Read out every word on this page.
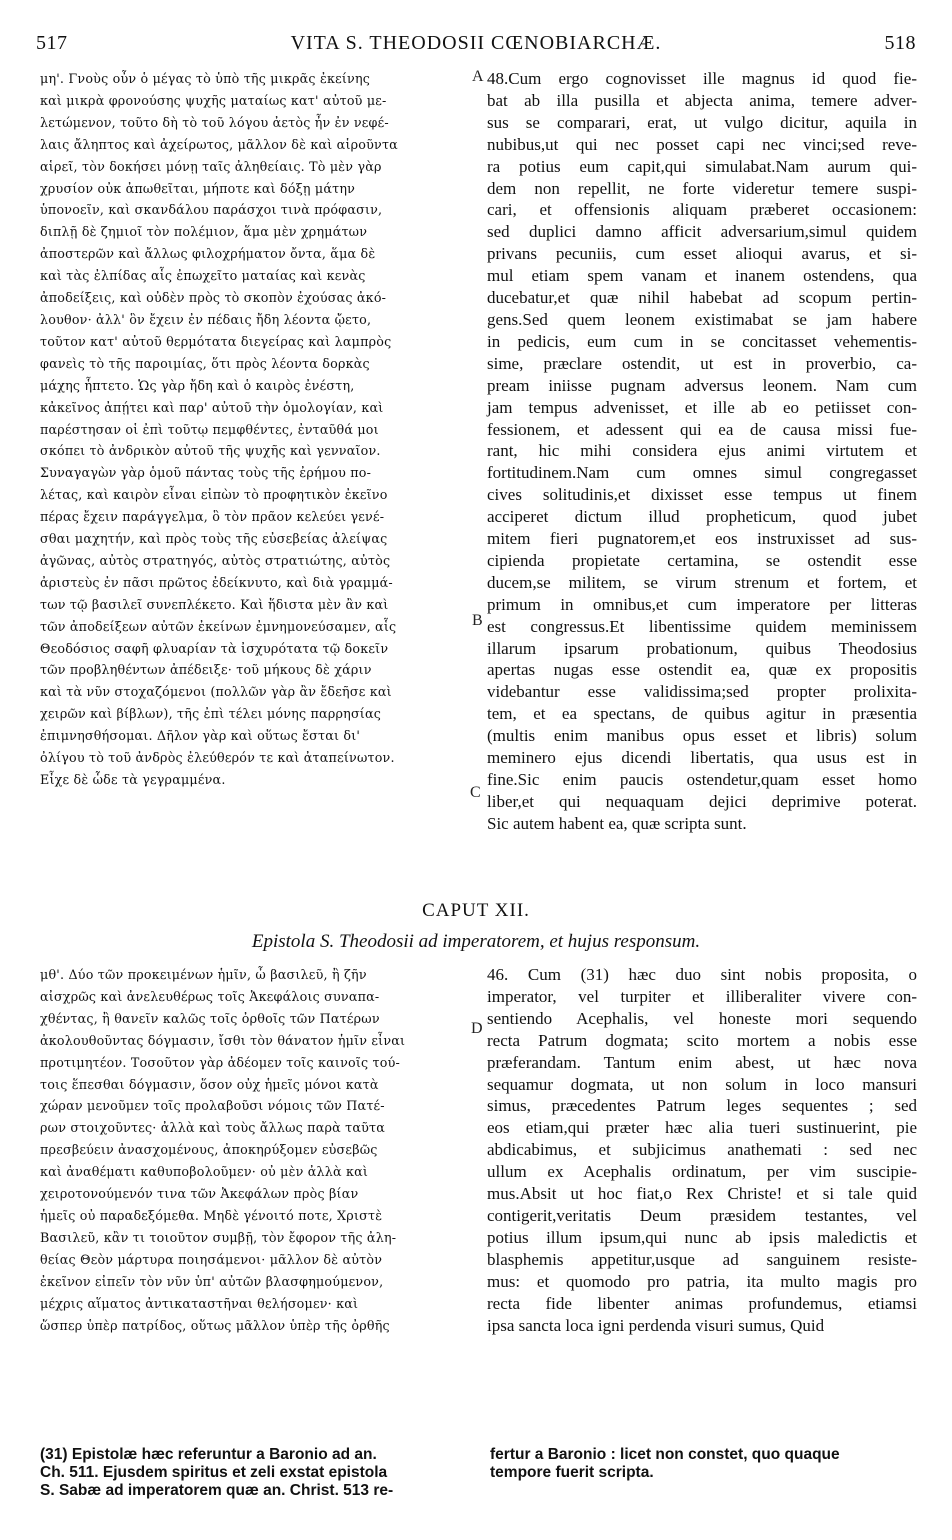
517	VITA S. THEODOSII CŒNOBIARCHÆ.	518
μη'. Γνοὺς οὖν ὁ μέγας τὸ ὑπὸ τῆς μικρᾶς ἐκείνης
καὶ μικρὰ φρονούσης ψυχῆς ματαίως κατ' αὐτοῦ με-
λετώμενον, τοῦτο δὴ τὸ τοῦ λόγου ἀετὸς ἦν ἐν νεφέ-
λαις ἄληπτος καὶ ἀχείρωτος, μᾶλλον δὲ καὶ αἱροῦντα
αἱρεῖ, τὸν δοκήσει μόνῃ ταῖς ἀληθείαις. Τὸ μὲν γὰρ
χρυσίον οὐκ ἀπωθεῖται, μήποτε καὶ δόξῃ μάτην
ὑπονοεῖν, καὶ σκανδάλου παράσχοι τινὰ πρόφασιν,
διπλῇ δὲ ζημιοῖ τὸν πολέμιον, ἅμα μὲν χρημάτων
ἀποστερῶν καὶ ἄλλως φιλοχρήματον ὄντα, ἅμα δὲ
καὶ τὰς ἐλπίδας αἷς ἐπωχεῖτο ματαίας καὶ κενὰς
ἀποδείξεις, καὶ οὐδὲν πρὸς τὸ σκοπὸν ἐχούσας ἀκό-
λουθον· ἀλλ' ὃν ἔχειν ἐν πέδαις ἤδη λέοντα ᾤετο,
τοῦτον κατ' αὐτοῦ θερμότατα διεγείρας καὶ λαμπρὸς
φανεὶς τὸ τῆς παροιμίας, ὅτι πρὸς λέοντα δορκὰς
μάχης ἧπτετο. Ὡς γὰρ ἤδη καὶ ὁ καιρὸς ἐνέστη,
κἀκεῖνος ἀπῄτει καὶ παρ' αὐτοῦ τὴν ὁμολογίαν, καὶ
παρέστησαν οἱ ἐπὶ τοῦτῳ πεμφθέντες, ἐνταῦθά μοι
σκόπει τὸ ἀνδρικὸν αὐτοῦ τῆς ψυχῆς καὶ γενναῖον.
Συναγαγὼν γὰρ ὁμοῦ πάντας τοὺς τῆς ἐρήμου πο-
λέτας, καὶ καιρὸν εἶναι εἰπὼν τὸ προφητικὸν ἐκεῖνο
πέρας ἔχειν παράγγελμα, ὃ τὸν πρᾶον κελεύει γενέ-
σθαι μαχητήν, καὶ πρὸς τοὺς τῆς εὐσεβείας ἀλείψας
ἀγῶνας, αὐτὸς στρατηγός, αὐτὸς στρατιώτης, αὐτὸς
ἀριστεὺς ἐν πᾶσι πρῶτος ἐδείκνυτο, καὶ διὰ γραμμά-
των τῷ βασιλεῖ συνεπλέκετο. Καὶ ἥδιστα μὲν ἂν καὶ
τῶν ἀποδείξεων αὐτῶν ἐκείνων ἐμνημονεύσαμεν, αἷς
Θεοδόσιος σαφῆ φλυαρίαν τὰ ἰσχυρότατα τῷ δοκεῖν
τῶν προβληθέντων ἀπέδειξε· τοῦ μήκους δὲ χάριν
καὶ τὰ νῦν στοχαζόμενοι (πολλῶν γὰρ ἂν ἔδεῆσε καὶ
χειρῶν καὶ βίβλων), τῆς ἐπὶ τέλει μόνης παρρησίας
ἐπιμνησθήσομαι. Δῆλον γὰρ καὶ οὕτως ἔσται δι'
ὀλίγου τὸ τοῦ ἀνδρὸς ἐλεύθερόν τε καὶ ἀταπείνωτον.
Εἶχε δὲ ὧδε τὰ γεγραμμένα.
48.Cum ergo cognovisset ille magnus id quod fie-
bat ab illa pusilla et abjecta anima, temere adver-
sus se comparari, erat, ut vulgo dicitur, aquila in
nubibus,ut qui nec posset capi nec vinci;sed reve-
ra potius eum capit,qui simulabat.Nam aurum qui-
dem non repellit, ne forte videretur temere suspi-
cari, et offensionis aliquam præberet occasionem:
sed duplici damno afficit adversarium,simul quidem
privans pecuniis, cum esset alioqui avarus, et si-
mul etiam spem vanam et inanem ostendens, qua
ducebatur,et quæ nihil habebat ad scopum pertin-
gens.Sed quem leonem existimabat se jam habere
in pedicis, eum cum in se concitasset vehementis-
sime, præclare ostendit, ut est in proverbio, ca-
pream iniisse pugnam adversus leonem. Nam cum
jam tempus advenisset, et ille ab eo petiisset con-
fessionem, et adessent qui ea de causa missi fue-
rant, hic mihi considera ejus animi virtutem et
fortitudinem.Nam cum omnes simul congregasset
cives solitudinis,et dixisset esse tempus ut finem
acciperet dictum illud propheticum, quod jubet
mitem fieri pugnatorem,et eos instruxisset ad sus-
cipienda propietate certamina, se ostendit esse
ducem,se militem, se virum strenum et fortem, et
primum in omnibus,et cum imperatore per litteras
est congressus.Et libentissime quidem meminissem
illarum ipsarum probationum, quibus Theodosius
apertas nugas esse ostendit ea, quæ ex propositis
videbantur esse validissima;sed propter prolixita-
tem, et ea spectans, de quibus agitur in præsentia
(multis enim manibus opus esset et libris) solum
meminero ejus dicendi libertatis, qua usus est in
fine.Sic enim paucis ostendetur,quam esset homo
liber,et qui nequaquam dejici deprimive poterat.
Sic autem habent ea, quæ scripta sunt.
A
B
C
D
CAPUT XII.
Epistola S. Theodosii ad imperatorem, et hujus responsum.
μθ'. Δύο τῶν προκειμένων ἡμῖν, ὦ βασιλεῦ, ἢ ζῆν
αἰσχρῶς καὶ ἀνελευθέρως τοῖς Ἀκεφάλοις συναπα-
χθέντας, ἢ θανεῖν καλῶς τοῖς ὀρθοῖς τῶν Πατέρων
ἀκολουθοῦντας δόγμασιν, ἴσθι τὸν θάνατον ἡμῖν εἶναι
προτιμητέον. Τοσοῦτον γὰρ ἀδέομεν τοῖς καινοῖς τού-
τοις ἕπεσθαι δόγμασιν, ὅσον οὐχ ἡμεῖς μόνοι κατὰ
χώραν μενοῦμεν τοῖς προλαβοῦσι νόμοις τῶν Πατέ-
ρων στοιχοῦντες· ἀλλὰ καὶ τοὺς ἄλλως παρὰ ταῦτα
πρεσβεύειν ἀνασχομένους, ἀποκηρύξομεν εὐσεβῶς
καὶ ἀναθέματι καθυποβολοῦμεν· οὐ μὲν ἀλλὰ καὶ
χειροτονούμενόν τινα τῶν Ἀκεφάλων πρὸς βίαν
ἡμεῖς οὐ παραδεξόμεθα. Μηδὲ γένοιτό ποτε, Χριστὲ
Βασιλεῦ, κἂν τι τοιοῦτον συμβῇ, τὸν ἔφορον τῆς ἀλη-
θείας Θεὸν μάρτυρα ποιησάμενοι· μᾶλλον δὲ αὐτὸν
ἐκεῖνον εἰπεῖν τὸν νῦν ὑπ' αὐτῶν βλασφημούμενον,
μέχρις αἵματος ἀντικαταστῆναι θελήσομεν· καὶ
ὥσπερ ὑπὲρ πατρίδος, οὕτως μᾶλλον ὑπὲρ τῆς ὀρθῆς
46. Cum (31) hæc duo sint nobis proposita, o
imperator, vel turpiter et illiberaliter vivere con-
sentiendo Acephalis, vel honeste mori sequendo
recta Patrum dogmata; scito mortem a nobis esse
præferandam. Tantum enim abest, ut hæc nova
sequamur dogmata, ut non solum in loco mansuri
simus, præcedentes Patrum leges sequentes ; sed
eos etiam,qui præter hæc alia tueri sustinuerint, pie
abdicabimus, et subjicimus anathemati : sed nec
ullum ex Acephalis ordinatum, per vim suscipie-
mus.Absit ut hoc fiat,o Rex Christe! et si tale quid
contigerit,veritatis Deum præsidem testantes, vel
potius illum ipsum,qui nunc ab ipsis maledictis et
blasphemis appetitur,usque ad sanguinem resiste-
mus: et quomodo pro patria, ita multo magis pro
recta fide libenter animas profundemus, etiamsi
ipsa sancta loca igni perdenda visuri sumus, Quid
(31) Epistolæ hæc referuntur a Baronio ad an.
Ch. 511. Ejusdem spiritus et zeli exstat epistola
S. Sabæ ad imperatorem quæ an. Christ. 513 re-
fertur a Baronio : licet non constet, quo quaque
tempore fuerit scripta.
